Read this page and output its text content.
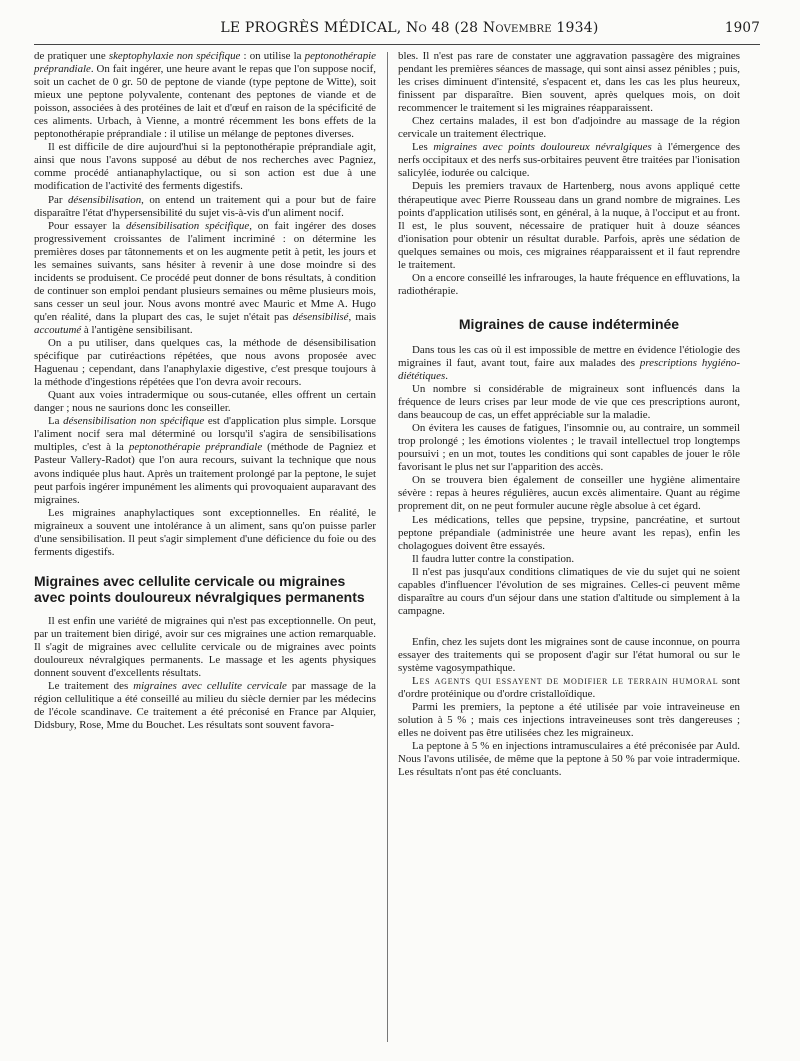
LE PROGRÈS MÉDICAL, No 48 (28 Novembre 1934)	1907

de pratiquer une skeptophylaxie non spécifique : on utilise la peptonothérapie préprandiale. On fait ingérer, une heure avant le repas que l'on suppose nocif, soit un cachet de 0 gr. 50 de peptone de viande (type peptone de Witte), soit mieux une peptone polyvalente, contenant des peptones de viande et de poisson, associées à des protéines de lait et d'œuf en raison de la spécificité de ces aliments. Urbach, à Vienne, a montré récemment les bons effets de la peptonothérapie préprandiale : il utilise un mélange de peptones diverses.

Il est difficile de dire aujourd'hui si la peptonothérapie préprandiale agit, ainsi que nous l'avons supposé au début de nos recherches avec Pagniez, comme procédé antianaphylactique, ou si son action est due à une modification de l'activité des ferments digestifs.

Par désensibilisation, on entend un traitement qui a pour but de faire disparaître l'état d'hypersensibilité du sujet vis-à-vis d'un aliment nocif.

Pour essayer la désensibilisation spécifique, on fait ingérer des doses progressivement croissantes de l'aliment incriminé : on détermine les premières doses par tâtonnements et on les augmente petit à petit, les jours et les semaines suivants, sans hésiter à revenir à une dose moindre si des incidents se produisent. Ce procédé peut donner de bons résultats, à condition de continuer son emploi pendant plusieurs semaines ou même plusieurs mois, sans cesser un seul jour. Nous avons montré avec Mauric et Mme A. Hugo qu'en réalité, dans la plupart des cas, le sujet n'était pas désensibilisé, mais accoutumé à l'antigène sensibilisant.

On a pu utiliser, dans quelques cas, la méthode de désensibilisation spécifique par cutiréactions répétées, que nous avons proposée avec Haguenau ; cependant, dans l'anaphylaxie digestive, c'est presque toujours à la méthode d'ingestions répétées que l'on devra avoir recours.

Quant aux voies intradermique ou sous-cutanée, elles offrent un certain danger ; nous ne saurions donc les conseiller.

La désensibilisation non spécifique est d'application plus simple. Lorsque l'aliment nocif sera mal déterminé ou lorsqu'il s'agira de sensibilisations multiples, c'est à la peptonothérapie préprandiale (méthode de Pagniez et Pasteur Vallery-Radot) que l'on aura recours, suivant la technique que nous avons indiquée plus haut. Après un traitement prolongé par la peptone, le sujet peut parfois ingérer impunément les aliments qui provoquaient auparavant des migraines.

Les migraines anaphylactiques sont exceptionnelles. En réalité, le migraineux a souvent une intolérance à un aliment, sans qu'on puisse parler d'une sensibilisation. Il peut s'agir simplement d'une déficience du foie ou des ferments digestifs.

Migraines avec cellulite cervicale ou migraines avec points douloureux névralgiques permanents

Il est enfin une variété de migraines qui n'est pas exceptionnelle. On peut, par un traitement bien dirigé, avoir sur ces migraines une action remarquable. Il s'agit de migraines avec cellulite cervicale ou de migraines avec points douloureux névralgiques permanents. Le massage et les agents physiques donnent souvent d'excellents résultats.

Le traitement des migraines avec cellulite cervicale par massage de la région cellulitique a été conseillé au milieu du siècle dernier par les médecins de l'école scandinave. Ce traitement a été préconisé en France par Alquier, Didsbury, Rose, Mme du Bouchet. Les résultats sont souvent favora-

bles. Il n'est pas rare de constater une aggravation passagère des migraines pendant les premières séances de massage, qui sont ainsi assez pénibles ; puis, les crises diminuent d'intensité, s'espacent et, dans les cas les plus heureux, finissent par disparaître. Bien souvent, après quelques mois, on doit recommencer le traitement si les migraines réapparaissent.

Chez certains malades, il est bon d'adjoindre au massage de la région cervicale un traitement électrique.

Les migraines avec points douloureux névralgiques à l'émergence des nerfs occipitaux et des nerfs sus-orbitaires peuvent être traitées par l'ionisation salicylée, iodurée ou calcique.

Depuis les premiers travaux de Hartenberg, nous avons appliqué cette thérapeutique avec Pierre Rousseau dans un grand nombre de migraines. Les points d'application utilisés sont, en général, à la nuque, à l'occiput et au front. Il est, le plus souvent, nécessaire de pratiquer huit à douze séances d'ionisation pour obtenir un résultat durable. Parfois, après une sédation de quelques semaines ou mois, ces migraines réapparaissent et il faut reprendre le traitement.

On a encore conseillé les infrarouges, la haute fréquence en effluvations, la radiothérapie.

Migraines de cause indéterminée

Dans tous les cas où il est impossible de mettre en évidence l'étiologie des migraines il faut, avant tout, faire aux malades des prescriptions hygiéno-diététiques.

Un nombre si considérable de migraineux sont influencés dans la fréquence de leurs crises par leur mode de vie que ces prescriptions auront, dans beaucoup de cas, un effet appréciable sur la maladie.

On évitera les causes de fatigues, l'insomnie ou, au contraire, un sommeil trop prolongé ; les émotions violentes ; le travail intellectuel trop longtemps poursuivi ; en un mot, toutes les conditions qui sont capables de jouer le rôle favorisant le plus net sur l'apparition des accès.

On se trouvera bien également de conseiller une hygiène alimentaire sévère : repas à heures régulières, aucun excès alimentaire. Quant au régime proprement dit, on ne peut formuler aucune règle absolue à cet égard.

Les médications, telles que pepsine, trypsine, pancréatine, et surtout peptone prépandiale (administrée une heure avant les repas), enfin les cholagogues doivent être essayés.

Il faudra lutter contre la constipation.

Il n'est pas jusqu'aux conditions climatiques de vie du sujet qui ne soient capables d'influencer l'évolution de ses migraines. Celles-ci peuvent même disparaître au cours d'un séjour dans une station d'altitude ou simplement à la campagne.

Enfin, chez les sujets dont les migraines sont de cause inconnue, on pourra essayer des traitements qui se proposent d'agir sur l'état humoral ou sur le système vagosympathique.

Les agents qui essayent de modifier le terrain humoral sont d'ordre protéinique ou d'ordre cristalloïdique.

Parmi les premiers, la peptone a été utilisée par voie intraveineuse en solution à 5 % ; mais ces injections intraveineuses sont très dangereuses ; elles ne doivent pas être utilisées chez les migraineux.

La peptone à 5 % en injections intramusculaires a été préconisée par Auld. Nous l'avons utilisée, de même que la peptone à 50 % par voie intradermique. Les résultats n'ont pas été concluants.
